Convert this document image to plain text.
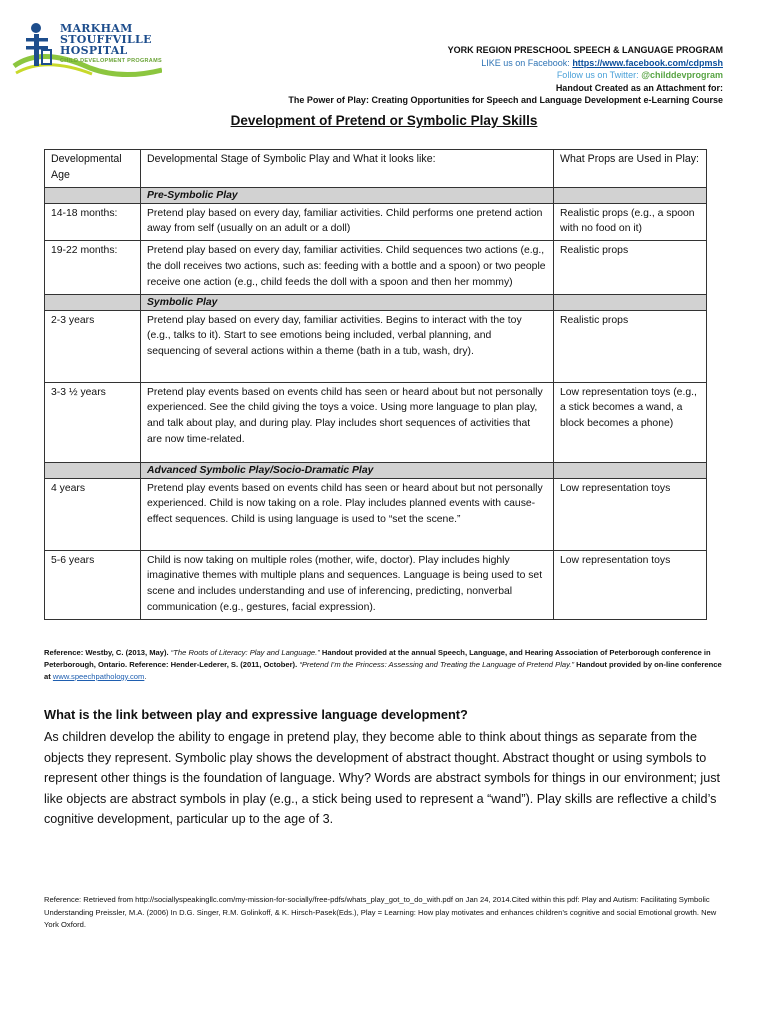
MARKHAM
STOUFFVILLE
HOSPITAL
CHILD DEVELOPMENT PROGRAMS
YORK REGION PRESCHOOL SPEECH & LANGUAGE PROGRAM
LIKE us on Facebook: https://www.facebook.com/cdpmsh
Follow us on Twitter: @childdevprogram
Handout Created as an Attachment for:
The Power of Play: Creating Opportunities for Speech and Language Development e-Learning Course
Development of Pretend or Symbolic Play Skills
Developmental Age	Developmental Stage of Symbolic Play and What it looks like:	What Props are Used in Play:
	Pre-Symbolic Play	
14-18 months:	Pretend play based on every day, familiar activities. Child performs one pretend action away from self (usually on an adult or a doll)	Realistic props (e.g., a spoon with no food on it)
19-22 months:	Pretend play based on every day, familiar activities. Child sequences two actions (e.g., the doll receives two actions, such as: feeding with a bottle and a spoon) or two people receive one action (e.g., child feeds the doll with a spoon and then her mommy)	Realistic props
	Symbolic Play	
2-3 years	Pretend play based on every day, familiar activities. Begins to interact with the toy (e.g., talks to it). Start to see emotions being included, verbal planning, and sequencing of several actions within a theme (bath in a tub, wash, dry).	Realistic props
3-3 ½ years	Pretend play events based on events child has seen or heard about but not personally experienced. See the child giving the toys a voice. Using more language to plan play, and talk about play, and during play. Play includes short sequences of activities that are now time-related.	Low representation toys (e.g., a stick becomes a wand, a block becomes a phone)
	Advanced Symbolic Play/Socio-Dramatic Play	
4 years	Pretend play events based on events child has seen or heard about but not personally experienced. Child is now taking on a role. Play includes planned events with cause-effect sequences. Child is using language is used to “set the scene.”	Low representation toys
5-6 years	Child is now taking on multiple roles (mother, wife, doctor). Play includes highly imaginative themes with multiple plans and sequences. Language is being used to set scene and includes understanding and use of inferencing, predicting, nonverbal communication (e.g., gestures, facial expression).	Low representation toys
Reference: Westby, C. (2013, May). “The Roots of Literacy: Play and Language.” Handout provided at the annual Speech, Language, and Hearing Association of Peterborough conference in Peterborough, Ontario. Reference: Hender-Lederer, S. (2011, October). “Pretend I’m the Princess: Assessing and Treating the Language of Pretend Play.” Handout provided by on-line conference at www.speechpathology.com.
What is the link between play and expressive language development?
As children develop the ability to engage in pretend play, they become able to think about things as separate from the objects they represent. Symbolic play shows the development of abstract thought. Abstract thought or using symbols to represent other things is the foundation of language. Why? Words are abstract symbols for things in our environment; just like objects are abstract symbols in play (e.g., a stick being used to represent a “wand”). Play skills are reflective a child’s cognitive development, particular up to the age of 3.
Reference: Retrieved from http://sociallyspeakingllc.com/my-mission-for-socially/free-pdfs/whats_play_got_to_do_with.pdf on Jan 24, 2014.Cited within this pdf: Play and Autism: Facilitating Symbolic Understanding Preissler, M.A. (2006) In D.G. Singer, R.M. Golinkoff, & K. Hirsch-Pasek(Eds.), Play = Learning: How play motivates and enhances children’s cognitive and social Emotional growth. New York Oxford.
